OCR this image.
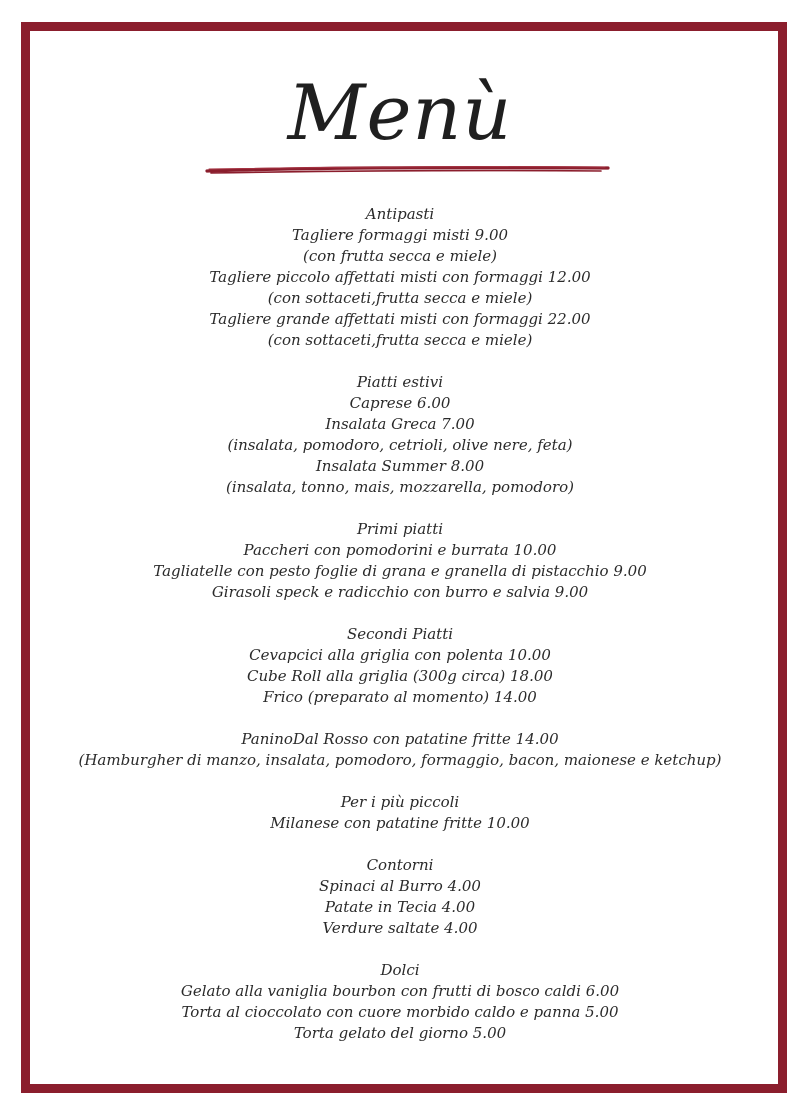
Menù
Antipasti
Tagliere formaggi misti 9.00
(con frutta secca e miele)
Tagliere piccolo affettati misti con formaggi 12.00
(con sottaceti,frutta secca e miele)
Tagliere grande affettati misti con formaggi 22.00
(con sottaceti,frutta secca e miele)
Piatti estivi
Caprese 6.00
Insalata Greca 7.00
(insalata, pomodoro, cetrioli, olive nere, feta)
Insalata Summer 8.00
(insalata, tonno, mais, mozzarella, pomodoro)
Primi piatti
Paccheri con pomodorini e burrata 10.00
Tagliatelle con pesto foglie di grana e granella di pistacchio 9.00
Girasoli speck e radicchio con burro e salvia 9.00
Secondi Piatti
Cevapcici alla griglia con polenta 10.00
Cube Roll alla griglia (300g circa) 18.00
Frico (preparato al momento) 14.00
PaninoDal Rosso con patatine fritte 14.00
(Hamburgher di manzo, insalata, pomodoro, formaggio, bacon, maionese e ketchup)
Per i più piccoli
Milanese con patatine fritte 10.00
Contorni
Spinaci al Burro 4.00
Patate in Tecia 4.00
Verdure saltate 4.00
Dolci
Gelato alla vaniglia bourbon con frutti di bosco caldi 6.00
Torta al cioccolato con cuore morbido caldo e panna 5.00
Torta gelato del giorno 5.00
